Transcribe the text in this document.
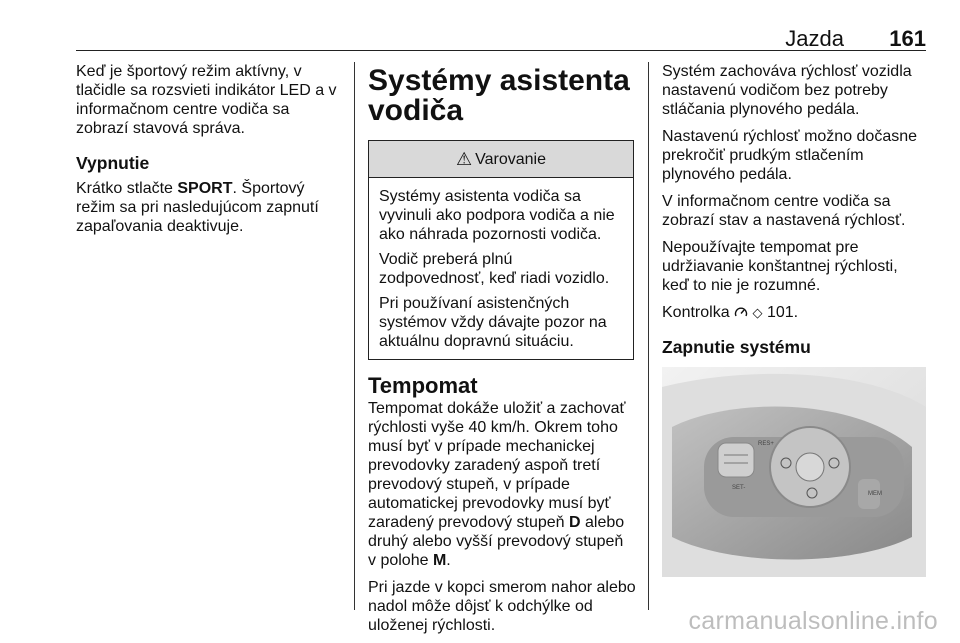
Jazda 161

Keď je športový režim aktívny, v
tlačidle sa rozsvieti indikátor LED a v
informačnom centre vodiča sa
zobrazí stavová správa.

Vypnutie

Krátko stlačte SPORT. Športový
režim sa pri nasledujúcom zapnutí
zapaľovania deaktivuje.

Systémy asistenta
vodiča
⚠ Varovanie

Systémy asistenta vodiča sa
vyvinuli ako podpora vodiča a nie
ako náhrada pozornosti vodiča.

Vodič preberá plnú
zodpovednosť, keď riadi vozidlo.

Pri používaní asistenčných
systémov vždy dávajte pozor na
aktuálnu dopravnú situáciu.

Tempomat

Tempomat dokáže uložiť a zachovať
rýchlosti vyše 40 km/h. Okrem toho
musí byť v prípade mechanickej
prevodovky zaradený aspoň tretí
prevodový stupeň, v prípade
automatickej prevodovky musí byť
zaradený prevodový stupeň D alebo
druhý alebo vyšší prevodový stupeň
v polohe M.

Pri jazde v kopci smerom nahor alebo
nadol môže dôjsť k odchýlke od
uloženej rýchlosti.

Systém zachováva rýchlosť vozidla
nastavenú vodičom bez potreby
stláčania plynového pedála.

Nastavenú rýchlosť možno dočasne
prekročiť prudkým stlačením
plynového pedála.

V informačnom centre vodiča sa
zobrazí stav a nastavená rýchlosť.

Nepoužívajte tempomat pre
udržiavanie konštantnej rýchlosti,
keď to nie je rozumné.

Kontrolka ◇ 101.

Zapnutie systému
RES+
SET-
MEM
carmanualsonline.info
